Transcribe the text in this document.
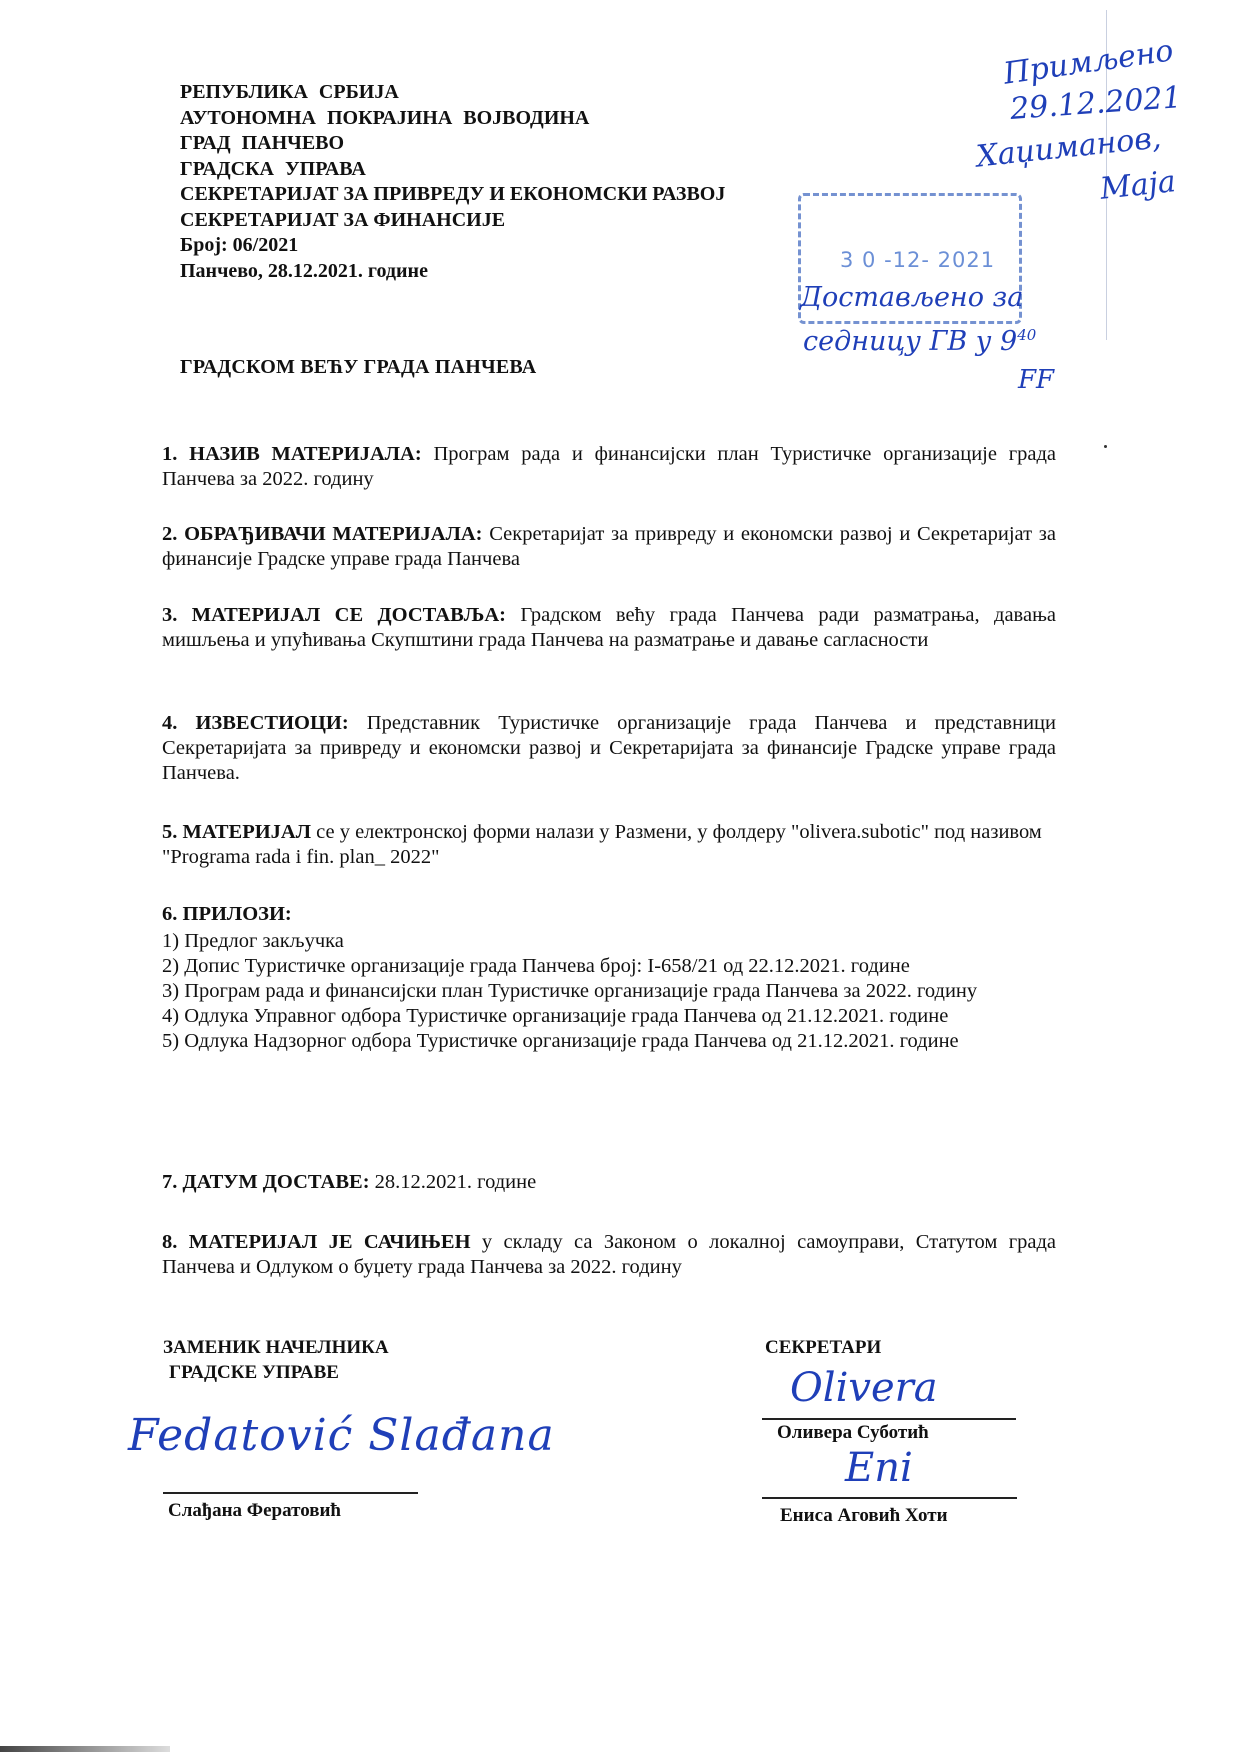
РЕПУБЛИКА СРБИЈА
АУТОНОМНА ПОКРАЈИНА ВОЈВОДИНА
ГРАД ПАНЧЕВО
ГРАДСКА УПРАВА
СЕКРЕТАРИЈАТ ЗА ПРИВРЕДУ И ЕКОНОМСКИ РАЗВОЈ
СЕКРЕТАРИЈАТ ЗА ФИНАНСИЈЕ
Број: 06/2021
Панчево, 28.12.2021. године	3 0 -12- 2021
Достављено за
седницу ГВ у $9^{40}$
FF
Примљено
29.12.2021
Хаџиманов,
Маја
ГРАДСКОМ ВЕЋУ ГРАДА ПАНЧЕВА
1. НАЗИВ МАТЕРИЈАЛА: Програм рада и финансијски план Туристичке организације града Панчева за 2022. годину
2. ОБРАЂИВАЧИ МАТЕРИЈАЛА: Секретаријат за привреду и економски развој и Секретаријат за финансије Градске управе града Панчева
3. МАТЕРИЈАЛ СЕ ДОСТАВЉА: Градском већу града Панчева ради разматрања, давања мишљења и упућивања Скупштини града Панчева на разматрање и давање сагласности
4. ИЗВЕСТИОЦИ: Представник Туристичке организације града Панчева и представници Секретаријата за привреду и економски развој и Секретаријата за финансије Градске управе града Панчева.
5. МАТЕРИЈАЛ се у електронској форми налази у Размени, у фолдеру "olivera.subotic" под називом "Programa rada i fin. plan_ 2022"
6. ПРИЛОЗИ:
1) Предлог закључка
2) Допис Туристичке организације града Панчева број: I-658/21 од 22.12.2021. године
3) Програм рада и финансијски план Туристичке организације града Панчева за 2022. годину
4) Одлука Управног одбора Туристичке организације града Панчева од 21.12.2021. године
5) Одлука Надзорног одбора Туристичке организације града Панчева од 21.12.2021. године
7. ДАТУМ ДОСТАВЕ: 28.12.2021. године
8. МАТЕРИЈАЛ ЈЕ САЧИЊЕН у складу са Законом о локалној самоуправи, Статутом града Панчева и Одлуком о буџету града Панчева за 2022. годину
ЗАМЕНИК НАЧЕЛНИКА
ГРАДСКЕ УПРАВЕ
Fedatović Slađana
Слађана Фератовић
СЕКРЕТАРИ
Olivera
Оливера Суботић
Eni
Ениса Аговић Хоти
